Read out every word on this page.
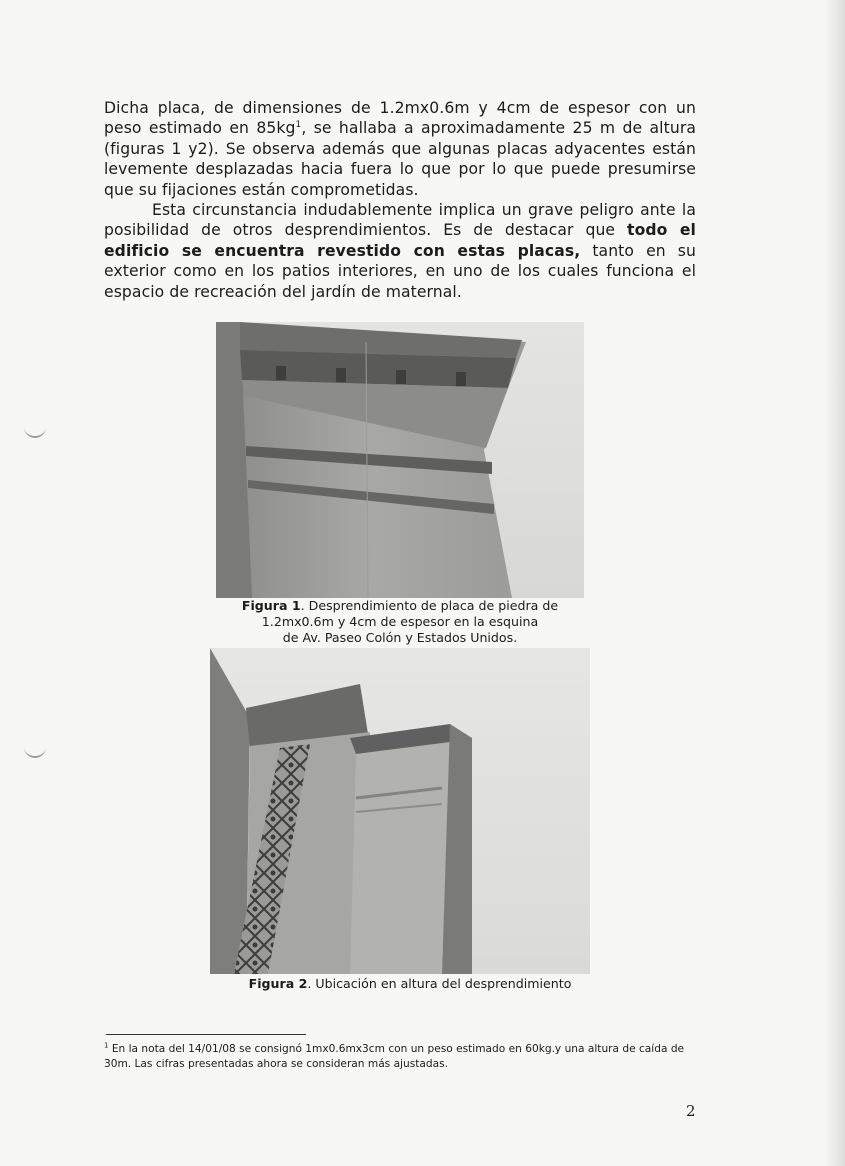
Dicha placa, de dimensiones de 1.2mx0.6m y 4cm de espesor con un peso estimado en $85kg^1$, se hallaba a aproximadamente 25 m de altura (figuras 1 y2). Se observa además que algunas placas adyacentes están levemente desplazadas hacia fuera lo que por lo que puede presumirse que su fijaciones están comprometidas.

Esta circunstancia indudablemente implica un grave peligro ante la posibilidad de otros desprendimientos. Es de destacar que todo el edificio se encuentra revestido con estas placas, tanto en su exterior como en los patios interiores, en uno de los cuales funciona el espacio de recreación del jardín de maternal.

Figura 1. Desprendimiento de placa de piedra de
1.2mx0.6m y 4cm de espesor en la esquina
de Av. Paseo Colón y Estados Unidos.
Figura 2. Ubicación en altura del desprendimiento
$^1$ En la nota del 14/01/08 se consignó 1mx0.6mx3cm con un peso estimado en 60kg.y una altura de caída de 30m. Las cifras presentadas ahora se consideran más ajustadas.
2
